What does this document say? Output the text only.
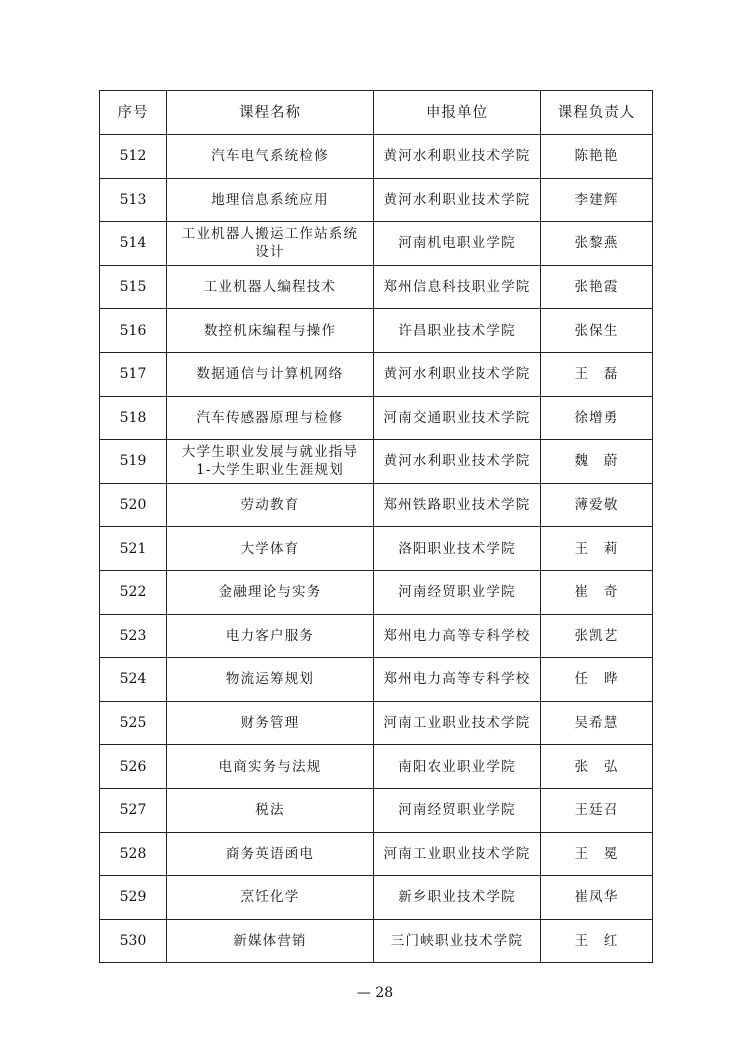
序号	课程名称	申报单位	课程负责人
512	汽车电气系统检修	黄河水利职业技术学院	陈艳艳
513	地理信息系统应用	黄河水利职业技术学院	李建辉
514	工业机器人搬运工作站系统设计	河南机电职业学院	张黎燕
515	工业机器人编程技术	郑州信息科技职业学院	张艳霞
516	数控机床编程与操作	许昌职业技术学院	张保生
517	数据通信与计算机网络	黄河水利职业技术学院	王　磊
518	汽车传感器原理与检修	河南交通职业技术学院	徐增勇
519	大学生职业发展与就业指导 1-大学生职业生涯规划	黄河水利职业技术学院	魏　蔚
520	劳动教育	郑州铁路职业技术学院	薄爱敬
521	大学体育	洛阳职业技术学院	王　莉
522	金融理论与实务	河南经贸职业学院	崔　奇
523	电力客户服务	郑州电力高等专科学校	张凯艺
524	物流运筹规划	郑州电力高等专科学校	任　晔
525	财务管理	河南工业职业技术学院	吴希慧
526	电商实务与法规	南阳农业职业学院	张　弘
527	税法	河南经贸职业学院	王廷召
528	商务英语函电	河南工业职业技术学院	王　冕
529	烹饪化学	新乡职业技术学院	崔凤华
530	新媒体营销	三门峡职业技术学院	王　红
— 28
